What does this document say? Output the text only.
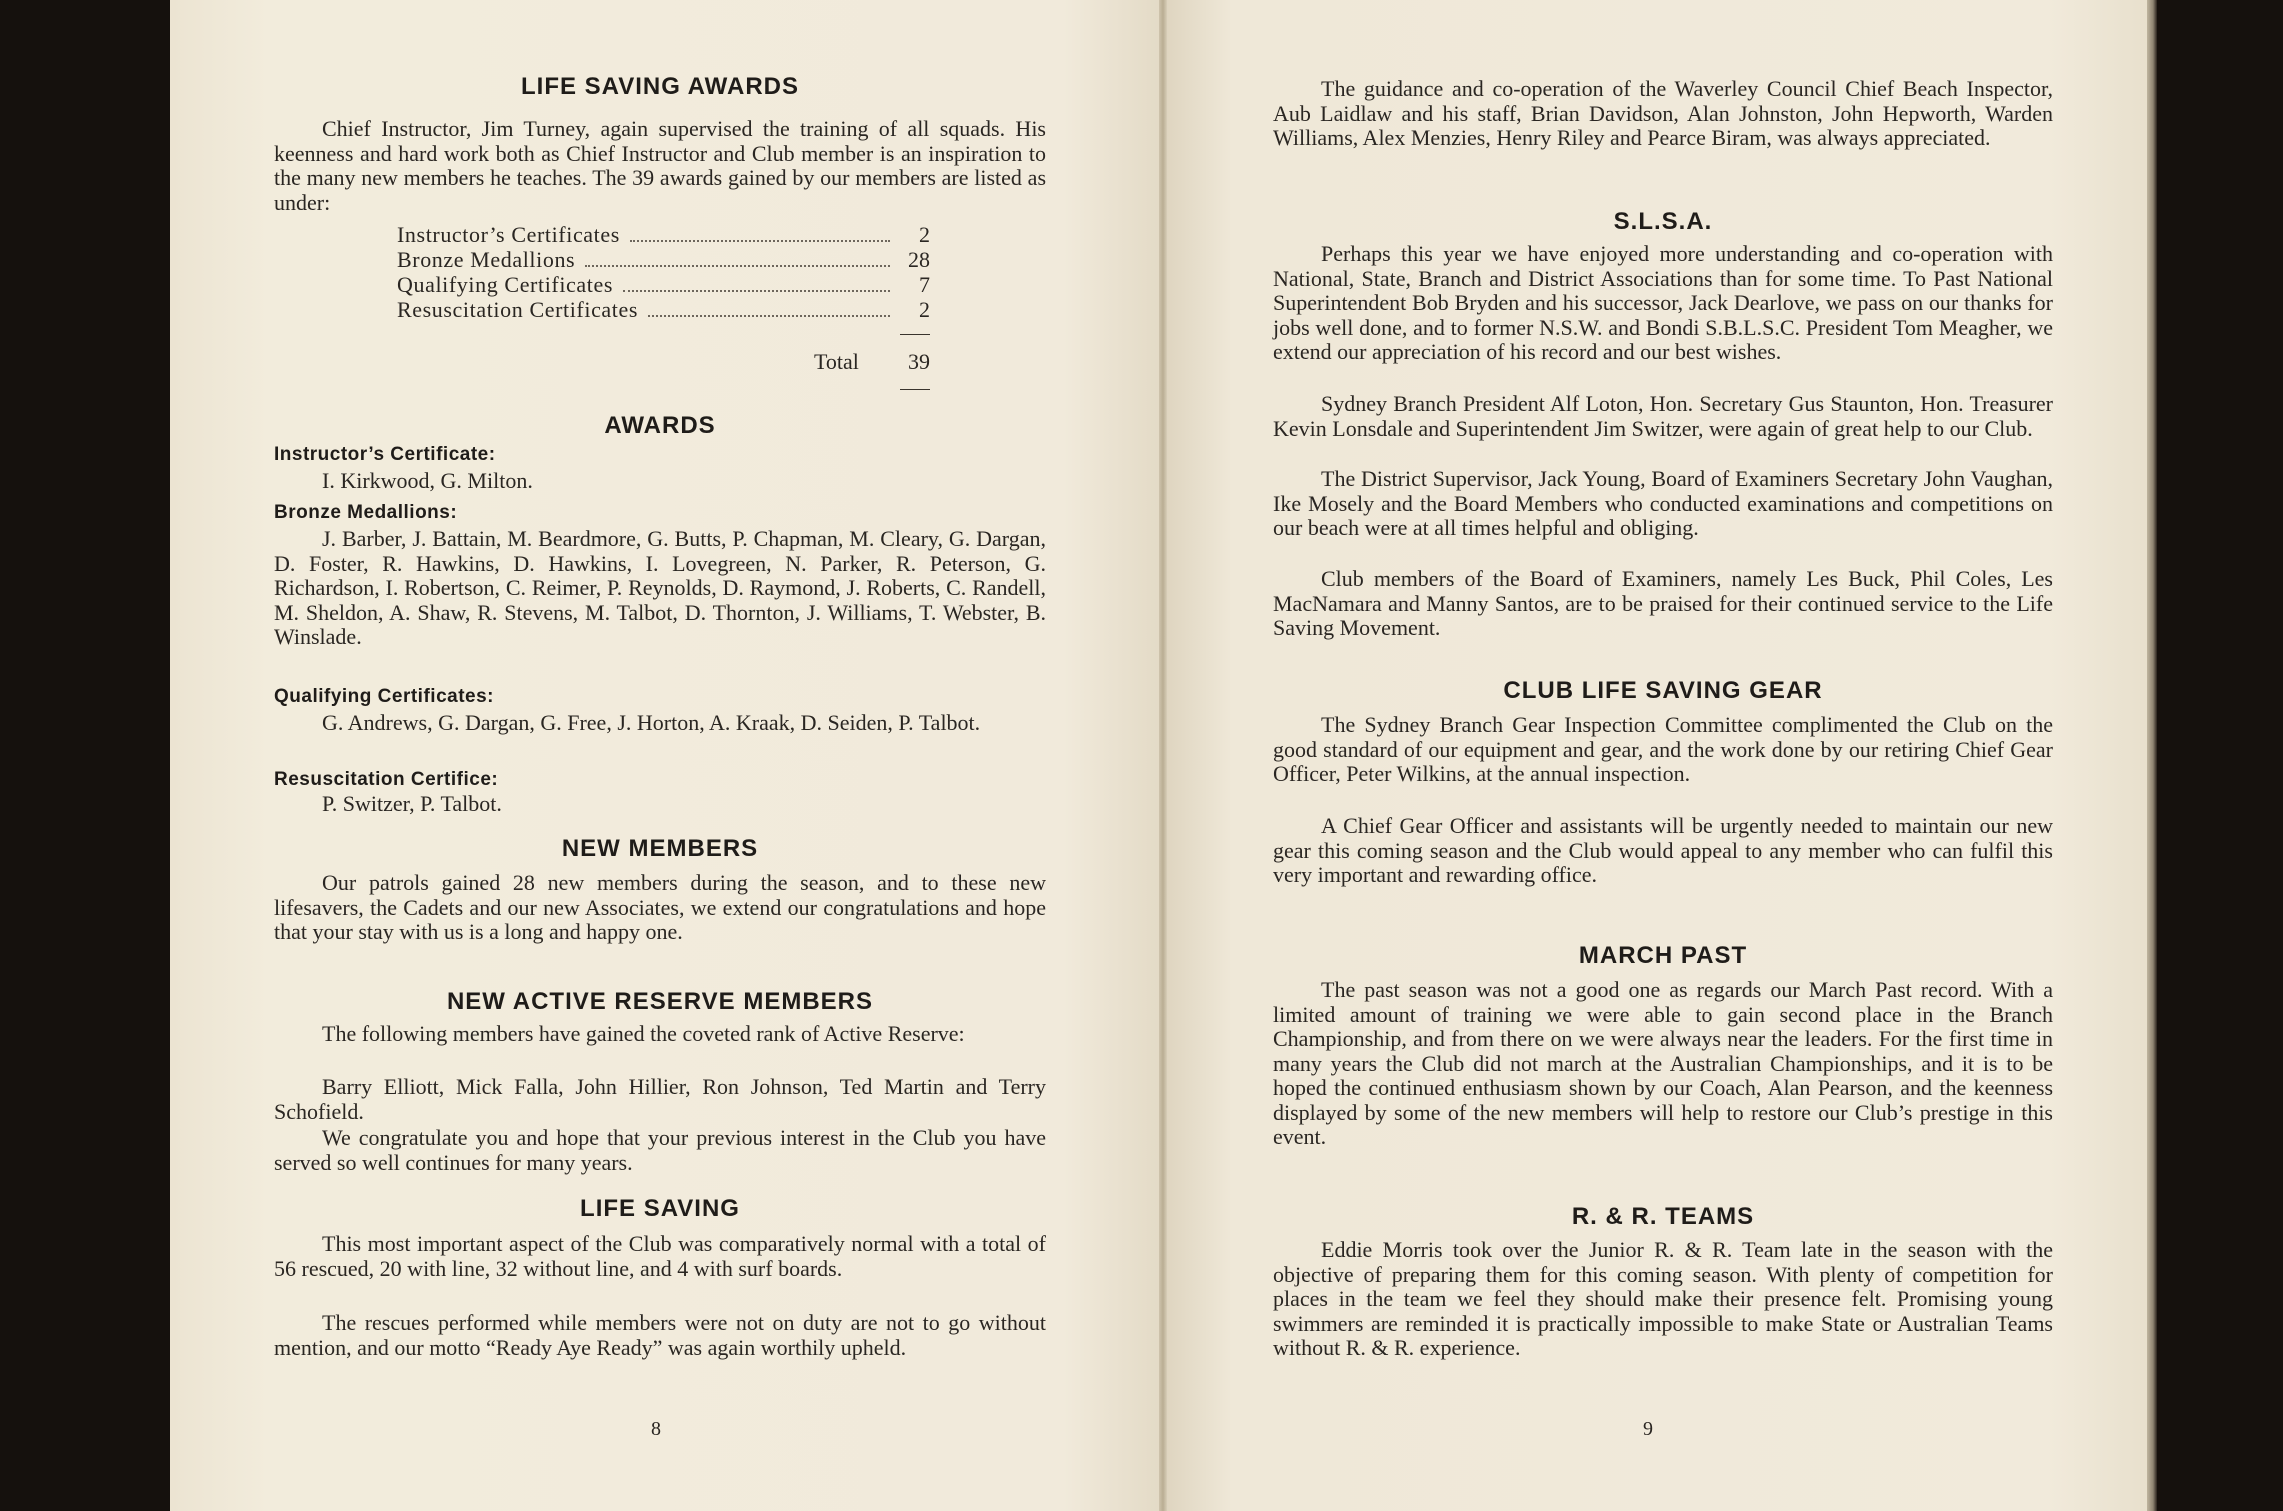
LIFE SAVING AWARDS

Chief Instructor, Jim Turney, again supervised the training of all squads. His keenness and hard work both as Chief Instructor and Club member is an inspiration to the many new members he teaches. The 39 awards gained by our members are listed as under:

Instructor’s Certificates	2
Bronze Medallions	28
Qualifying Certificates	7
Resuscitation Certificates	2
Total 39
AWARDS
Instructor’s Certificate:

I. Kirkwood, G. Milton.

Bronze Medallions:

J. Barber, J. Battain, M. Beardmore, G. Butts, P. Chapman, M. Cleary, G. Dargan, D. Foster, R. Hawkins, D. Hawkins, I. Lovegreen, N. Parker, R. Peterson, G. Richardson, I. Robertson, C. Reimer, P. Reynolds, D. Raymond, J. Roberts, C. Randell, M. Sheldon, A. Shaw, R. Stevens, M. Talbot, D. Thornton, J. Williams, T. Webster, B. Winslade.

Qualifying Certificates:

G. Andrews, G. Dargan, G. Free, J. Horton, A. Kraak, D. Seiden, P. Talbot.

Resuscitation Certifice:

P. Switzer, P. Talbot.

NEW MEMBERS

Our patrols gained 28 new members during the season, and to these new lifesavers, the Cadets and our new Associates, we extend our congratulations and hope that your stay with us is a long and happy one.

NEW ACTIVE RESERVE MEMBERS

The following members have gained the coveted rank of Active Reserve:

Barry Elliott, Mick Falla, John Hillier, Ron Johnson, Ted Martin and Terry Schofield.

We congratulate you and hope that your previous interest in the Club you have served so well continues for many years.

LIFE SAVING

This most important aspect of the Club was comparatively normal with a total of 56 rescued, 20 with line, 32 without line, and 4 with surf boards.

The rescues performed while members were not on duty are not to go without mention, and our motto “Ready Aye Ready” was again worthily upheld.

8

The guidance and co-operation of the Waverley Council Chief Beach Inspector, Aub Laidlaw and his staff, Brian Davidson, Alan Johnston, John Hepworth, Warden Williams, Alex Menzies, Henry Riley and Pearce Biram, was always appreciated.

S.L.S.A.

Perhaps this year we have enjoyed more understanding and co-operation with National, State, Branch and District Associations than for some time. To Past National Superintendent Bob Bryden and his successor, Jack Dearlove, we pass on our thanks for jobs well done, and to former N.S.W. and Bondi S.B.L.S.C. President Tom Meagher, we extend our appreciation of his record and our best wishes.

Sydney Branch President Alf Loton, Hon. Secretary Gus Staunton, Hon. Treasurer Kevin Lonsdale and Superintendent Jim Switzer, were again of great help to our Club.

The District Supervisor, Jack Young, Board of Examiners Secretary John Vaughan, Ike Mosely and the Board Members who conducted examinations and competitions on our beach were at all times helpful and obliging.

Club members of the Board of Examiners, namely Les Buck, Phil Coles, Les MacNamara and Manny Santos, are to be praised for their continued service to the Life Saving Movement.

CLUB LIFE SAVING GEAR

The Sydney Branch Gear Inspection Committee complimented the Club on the good standard of our equipment and gear, and the work done by our retiring Chief Gear Officer, Peter Wilkins, at the annual inspection.

A Chief Gear Officer and assistants will be urgently needed to maintain our new gear this coming season and the Club would appeal to any member who can fulfil this very important and rewarding office.

MARCH PAST

The past season was not a good one as regards our March Past record. With a limited amount of training we were able to gain second place in the Branch Championship, and from there on we were always near the leaders. For the first time in many years the Club did not march at the Australian Championships, and it is to be hoped the continued enthusiasm shown by our Coach, Alan Pearson, and the keenness displayed by some of the new members will help to restore our Club’s prestige in this event.

R. & R. TEAMS

Eddie Morris took over the Junior R. & R. Team late in the season with the objective of preparing them for this coming season. With plenty of competition for places in the team we feel they should make their presence felt. Promising young swimmers are reminded it is practically impossible to make State or Australian Teams without R. & R. experience.

9
